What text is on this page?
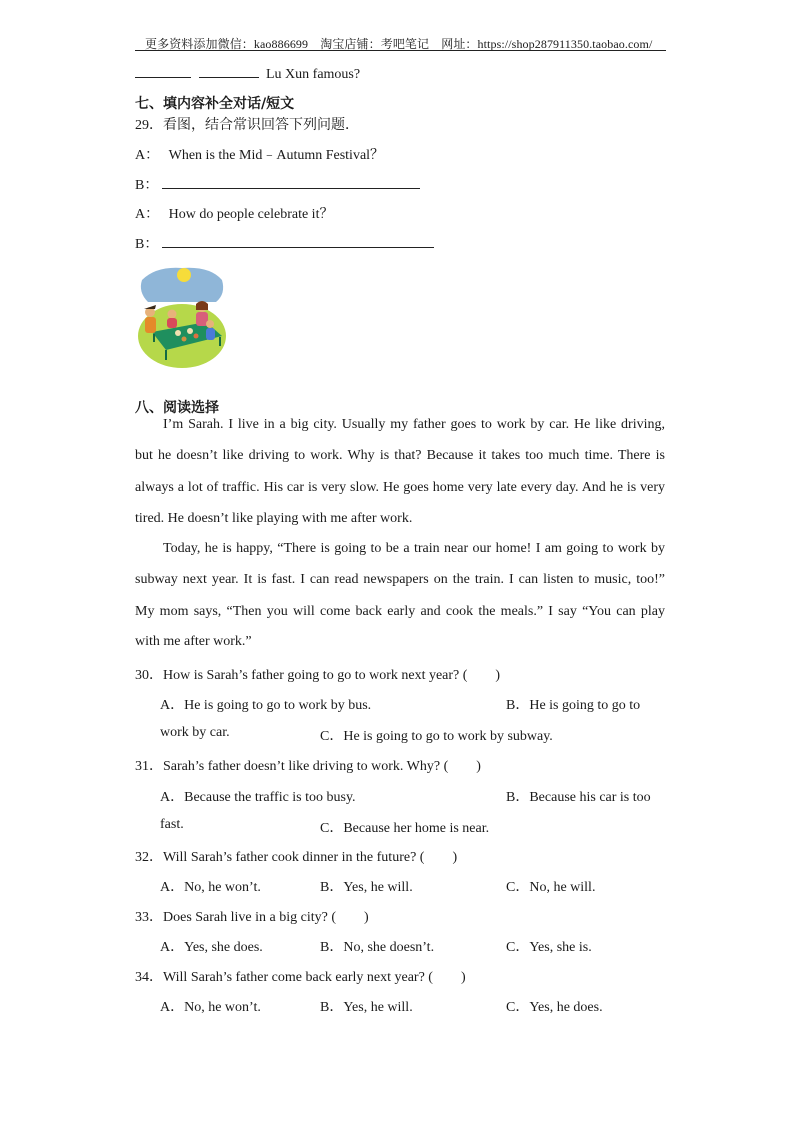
更多资料添加微信：kao886699　淘宝店铺：考吧笔记　网址：https://shop287911350.taobao.com/
Lu Xun famous?
七、填内容补全对话/短文
29．看图，结合常识回答下列问题．
A： When is the Mid﹣Autumn Festival？
B：
A： How do people celebrate it？
B：
八、阅读选择
I’m Sarah. I live in a big city. Usually my father goes to work by car. He like driving,
but he doesn’t like driving to work. Why is that? Because it takes too much time. There is
always a lot of traffic. His car is very slow. He goes home very late every day. And he is very
tired. He doesn’t like playing with me after work.
Today, he is happy, “There is going to be a train near our home! I am going to work by
subway next year. It is fast. I can read newspapers on the train. I can listen to music, too!”
My mom says, “Then you will come back early and cook the meals.” I say “You can play
with me after work.”
30．How is Sarah’s father going to go to work next year? (　　)
A．He is going to go to work by bus.	B．He is going to go to
work by car.	C．He is going to go to work by subway.
31．Sarah’s father doesn’t like driving to work. Why? (　　)
A．Because the traffic is too busy.	B．Because his car is too
fast.	C．Because her home is near.
32．Will Sarah’s father cook dinner in the future? (　　)
A．No, he won’t.	B．Yes, he will.	C．No, he will.
33．Does Sarah live in a big city? (　　)
A．Yes, she does.	B．No, she doesn’t.	C．Yes, she is.
34．Will Sarah’s father come back early next year? (　　)
A．No, he won’t.	B．Yes, he will.	C．Yes, he does.
